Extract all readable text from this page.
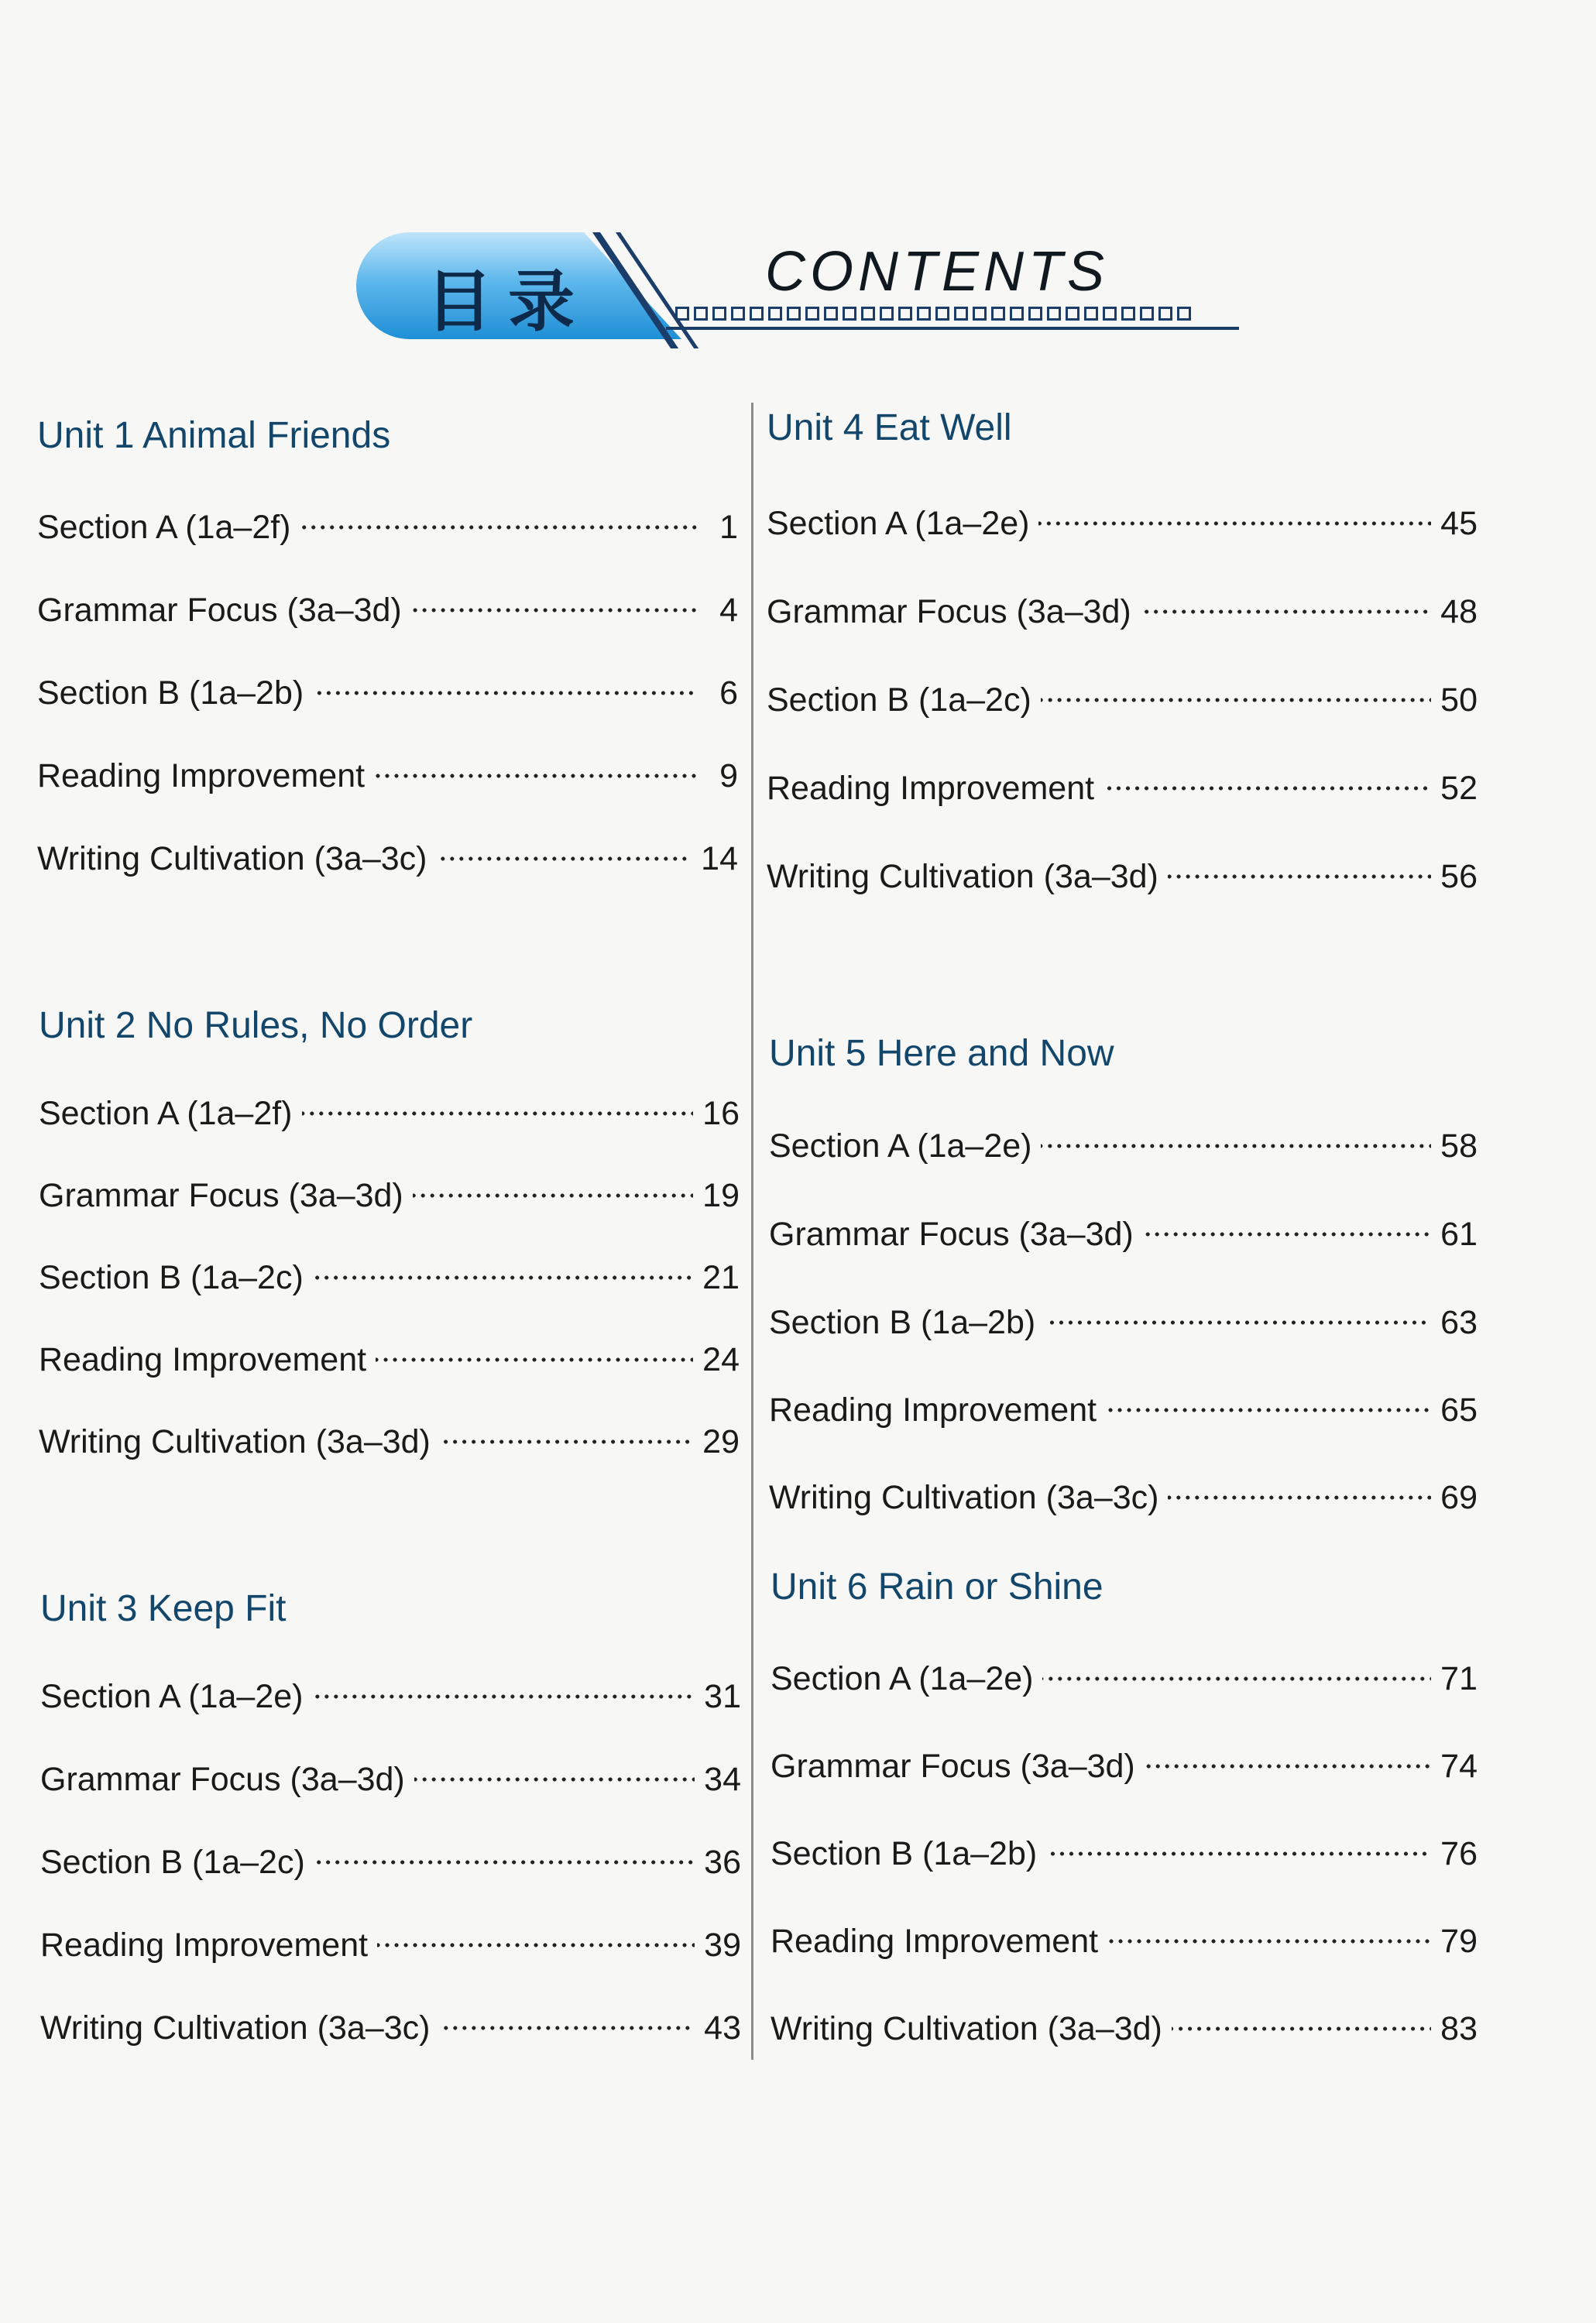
目录	CONTENTS
Unit 1 Animal Friends
Section A (1a–2f)	1
Grammar Focus (3a–3d)	4
Section B (1a–2b)	6
Reading Improvement	9
Writing Cultivation (3a–3c)	14
Unit 2 No Rules, No Order
Section A (1a–2f)	16
Grammar Focus (3a–3d)	19
Section B (1a–2c)	21
Reading Improvement	24
Writing Cultivation (3a–3d)	29
Unit 3 Keep Fit
Section A (1a–2e)	31
Grammar Focus (3a–3d)	34
Section B (1a–2c)	36
Reading Improvement	39
Writing Cultivation (3a–3c)	43
Unit 4 Eat Well
Section A (1a–2e)	45
Grammar Focus (3a–3d)	48
Section B (1a–2c)	50
Reading Improvement	52
Writing Cultivation (3a–3d)	56
Unit 5 Here and Now
Section A (1a–2e)	58
Grammar Focus (3a–3d)	61
Section B (1a–2b)	63
Reading Improvement	65
Writing Cultivation (3a–3c)	69
Unit 6 Rain or Shine
Section A (1a–2e)	71
Grammar Focus (3a–3d)	74
Section B (1a–2b)	76
Reading Improvement	79
Writing Cultivation (3a–3d)	83
